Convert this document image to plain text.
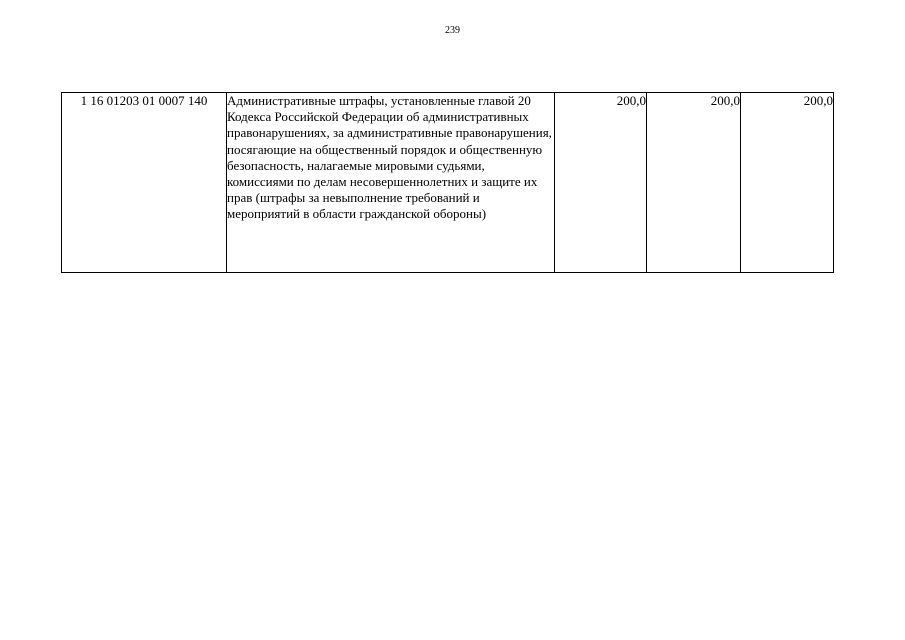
239
1 16 01203 01 0007 140	Административные штрафы, установленные главой 20 Кодекса Российской Федерации об административных правонарушениях, за административные правонарушения, посягающие на общественный порядок и общественную безопасность, налагаемые мировыми судьями, комиссиями по делам несовершеннолетних и защите их прав (штрафы за невыполнение требований и мероприятий в области гражданской обороны)	200,0	200,0	200,0
